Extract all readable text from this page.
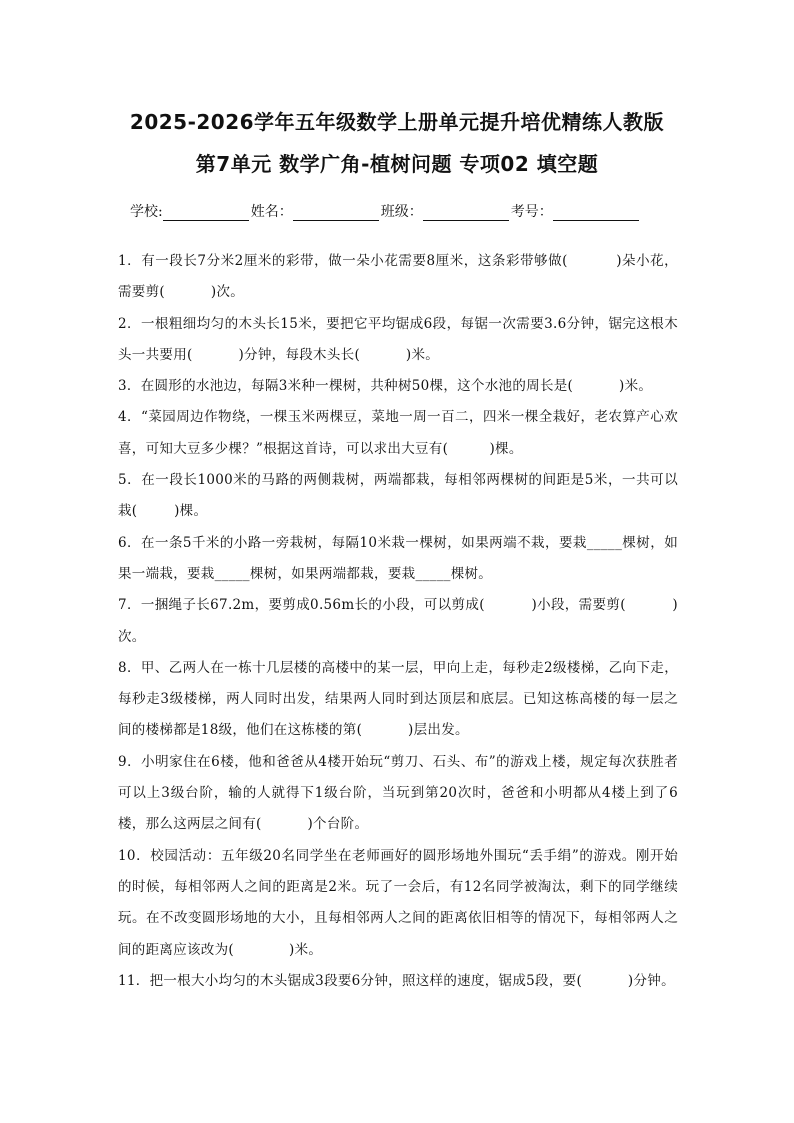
2025-2026学年五年级数学上册单元提升培优精练人教版
第7单元 数学广角-植树问题 专项02 填空题
学校:	姓名：	班级：	考号：

1．有一段长7分米2厘米的彩带，做一朵小花需要8厘米，这条彩带够做(          )朵小花，需要剪(          )次。

2．一根粗细均匀的木头长15米，要把它平均锯成6段，每锯一次需要3.6分钟，锯完这根木头一共要用(          )分钟，每段木头长(          )米。

3．在圆形的水池边，每隔3米种一棵树，共种树50棵，这个水池的周长是(          )米。

4．“菜园周边作物绕，一棵玉米两棵豆，菜地一周一百二，四米一棵全栽好，老农算产心欢喜，可知大豆多少棵？”根据这首诗，可以求出大豆有(         )棵。

5．在一段长1000米的马路的两侧栽树，两端都栽，每相邻两棵树的间距是5米，一共可以栽(        )棵。

6．在一条5千米的小路一旁栽树，每隔10米栽一棵树，如果两端不栽，要栽_____棵树，如果一端栽，要栽_____棵树，如果两端都栽，要栽_____棵树。

7．一捆绳子长67.2m，要剪成0.56m长的小段，可以剪成(          )小段，需要剪(          )次。

8．甲、乙两人在一栋十几层楼的高楼中的某一层，甲向上走，每秒走2级楼梯，乙向下走，每秒走3级楼梯，两人同时出发，结果两人同时到达顶层和底层。已知这栋高楼的每一层之间的楼梯都是18级，他们在这栋楼的第(          )层出发。

9．小明家住在6楼，他和爸爸从4楼开始玩“剪刀、石头、布”的游戏上楼，规定每次获胜者可以上3级台阶，输的人就得下1级台阶，当玩到第20次时，爸爸和小明都从4楼上到了6楼，那么这两层之间有(          )个台阶。

10．校园活动：五年级20名同学坐在老师画好的圆形场地外围玩“丢手绢”的游戏。刚开始的时候，每相邻两人之间的距离是2米。玩了一会后，有12名同学被淘汰，剩下的同学继续玩。在不改变圆形场地的大小，且每相邻两人之间的距离依旧相等的情况下，每相邻两人之间的距离应该改为(            )米。

11．把一根大小均匀的木头锯成3段要6分钟，照这样的速度，锯成5段，要(          )分钟。
